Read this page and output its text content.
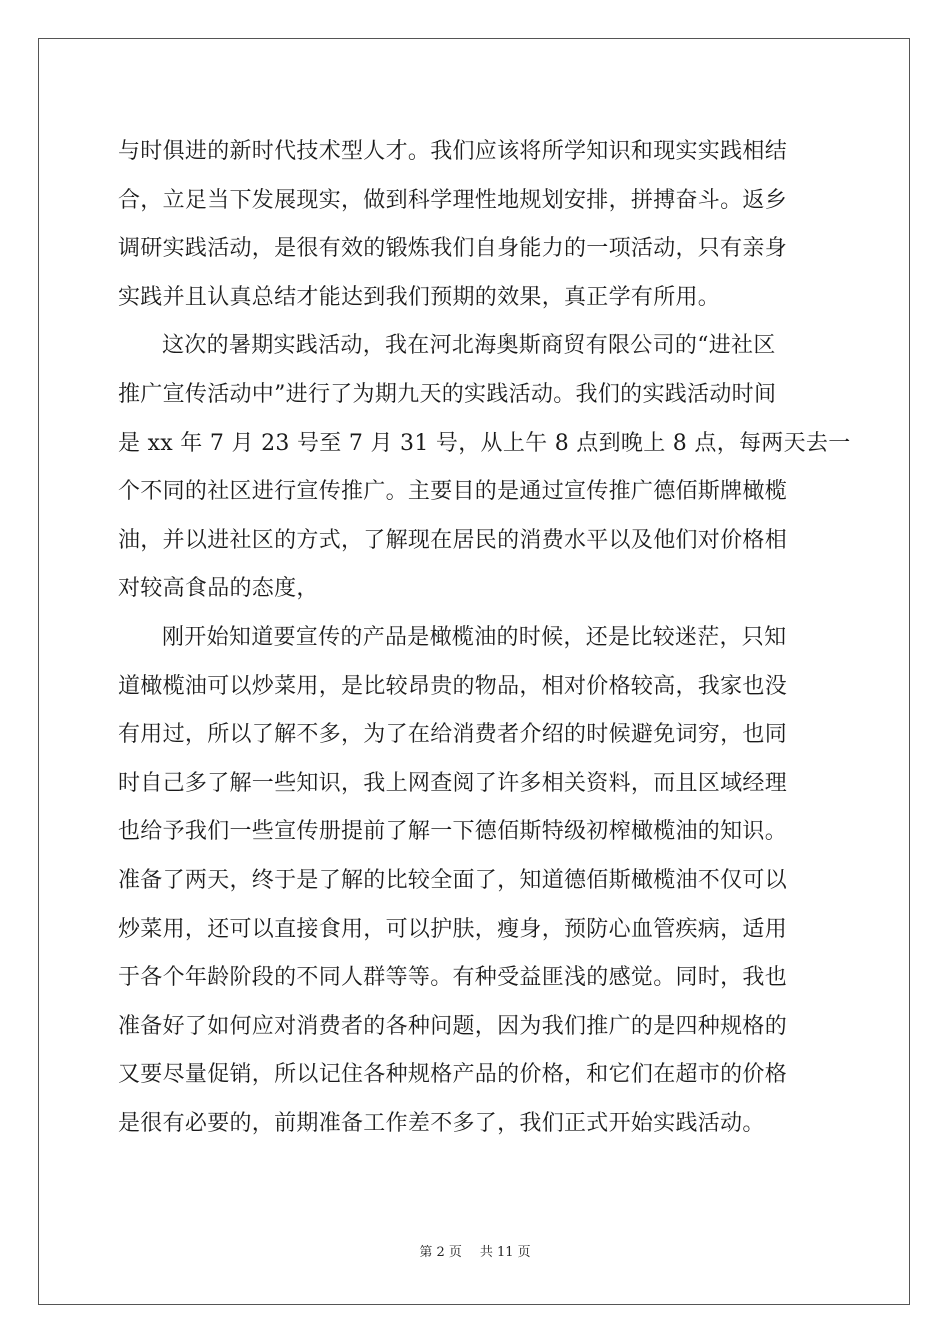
与时俱进的新时代技术型人才。我们应该将所学知识和现实实践相结
合，立足当下发展现实，做到科学理性地规划安排，拼搏奋斗。返乡
调研实践活动，是很有效的锻炼我们自身能力的一项活动，只有亲身
实践并且认真总结才能达到我们预期的效果，真正学有所用。
这次的暑期实践活动，我在河北海奥斯商贸有限公司的“进社区
推广宣传活动中”进行了为期九天的实践活动。我们的实践活动时间
是 xx 年 7 月 23 号至 7 月 31 号，从上午 8 点到晚上 8 点，每两天去一
个不同的社区进行宣传推广。主要目的是通过宣传推广德佰斯牌橄榄
油，并以进社区的方式，了解现在居民的消费水平以及他们对价格相
对较高食品的态度，
刚开始知道要宣传的产品是橄榄油的时候，还是比较迷茫，只知
道橄榄油可以炒菜用，是比较昂贵的物品，相对价格较高，我家也没
有用过，所以了解不多，为了在给消费者介绍的时候避免词穷，也同
时自己多了解一些知识，我上网查阅了许多相关资料，而且区域经理
也给予我们一些宣传册提前了解一下德佰斯特级初榨橄榄油的知识。
准备了两天，终于是了解的比较全面了，知道德佰斯橄榄油不仅可以
炒菜用，还可以直接食用，可以护肤，瘦身，预防心血管疾病，适用
于各个年龄阶段的不同人群等等。有种受益匪浅的感觉。同时，我也
准备好了如何应对消费者的各种问题，因为我们推广的是四种规格的
又要尽量促销，所以记住各种规格产品的价格，和它们在超市的价格
是很有必要的，前期准备工作差不多了，我们正式开始实践活动。
第 2 页 共 11 页
